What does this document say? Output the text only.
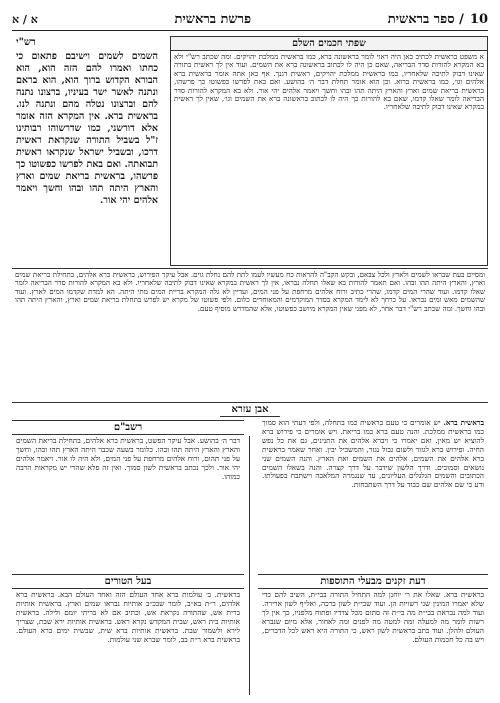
10
/ ספר בראשית
פרשת בראשית
א / א
שפתי חכמים השלם
א משפט בראשית לכתיב כאן היה ראוי לומר בראשונה ברא, כמו בראשית ממלכת יהויקים. ומה שכתב רש"י ולא בא המקרא להורות סדר הבריאה, שאם כן היה לו לכתוב בראשונה ברא את השמים. ועוד אין לך ראשית בתורה שאינו דבוק לתיבה שלאחריו, כמו בראשית ממלכת יהויקים, ראשית דגנך. אף כאן אתה אומר בראשית ברא אלהים וגו׳, כמו בראשית ברוא. וכן הוא אומר תחלת דבר ה׳ בהושע. ואם באת לפרשו כפשוטו כך פרשהו, בראשית בריאת שמים וארץ והארץ היתה תהו ובהו וחשך ויאמר אלהים יהי אור. ולא בא המקרא להורות סדר הבריאה לומר שאלו קדמו, שאם בא להורות כך היה לו לכתוב בראשונה ברא את השמים וגו׳, שאין לך ראשית במקרא שאינו דבוק לתיבה שלאחריו.
רש"י
השמים לשמים וישיבם פתאום כי כחתו ואמרו להם הזה הוא, הוא הבורא הקדוש ברוך הוא, הוא בראם ונתנה לאשר ישר בעיניו, ברצונו נתנה להם וברצונו נטלה מהם ונתנה לנו. בראשית ברא. אין המקרא הזה אומר אלא דורשני, כמו שדרשוהו רבותינו ז"ל בשביל התורה שנקראת ראשית דרכו, ובשביל ישראל שנקראו ראשית תבואתה. ואם באת לפרשו כפשוטו כך פרשהו, בראשית בריאת שמים וארץ והארץ היתה תהו ובהו וחשך ויאמר אלהים יהי אור.
ומסיים בעת שבראו לשמים ולארץ ולכל צבאם, ובקש הקב"ה להראות כח מעשיו לעמו לתת להם נחלת גוים. אבל עיקר הפירוש, בראשית ברא אלהים, בתחילת בריאת שמים וארץ, והארץ היתה תהו ובהו. ואם תאמר להורות בא שאלו תחלה נבראו, אין לך ראשית במקרא שאינו דבוק לתיבה שלאחריו. ולא בא המקרא להורות סדר הבריאה לומר שאלו קדמו. ועוד שהרי המים קדמו, שהרי כתיב ורוח אלהים מרחפת על פני המים, ועדיין לא גלה המקרא בריית המים מתי היתה. הא למדת שקדמו המים לארץ. ועוד שהשמים מאש ומים נבראו. על כרחך לא לימד המקרא בסדר המוקדמים והמאוחרים כלום. ולפי פשוטו של מקרא יש לפרש בתחלת בריאת שמים וארץ, והארץ היתה תהו ובהו וחשך. ומה שכתב רש"י דבר אחר, לא מפני שאין המקרא מיושב כפשוטו, אלא שהמדרש מוסיף טעם.
אבן עזרא
בראשית ברא. יש אומרים כי טעם בראשית כמו בתחלה, ולפי דעתי הוא סמוך כמו בראשית ממלכת. והנה טעם ברא כמו בריאת. ויש אומרים כי פירוש ברא להוציא יש מאין. ואם יאמרו כי ויברא אלהים את התנינים, גם את כל נפש החיה. ופירוש ברא לגזור ולשום גבול נגזר, והמשכיל יבין. ואחר שאמר בראשית ברא אלהים את השמים, אלהים את השמים ואת הארץ. והנה השמים שני נושאים וסמוכים. ודרך הלשון שידבר על דרך קצרה. והנה בשאלו השמים הכתובים והשמים הגלגלים העליונים, עד שנגמרה המלאכה וישתבח בפעולתו. ודע כי שם אלהים שם כבוד על דרך השתבחות.
רשב"ם
דבר ה׳ בהושע. אבל עיקר הפשט, בראשית ברא אלהים, בתחילת בריאת השמים והארץ והארץ היתה תהו ובהו. כלומר בשעה שכבר היתה הארץ תהו ובהו, וחשך על פני תהום, ורוח אלהים מרחפת על פני המים, ולא היה לו אור. ויאמר אלהים יהי אור. ולכך נכתב בראשית לשון סמוך. ואין זה פלא שהרי יש מקראות הרבה כמוהו.
דעת זקנים מבעלי התוספות
בראשית ברא. שאלו את ר׳ יוחנן למה התחיל התורה בבי״ת, השיב להם כדי שלא יאמרו המינין שני רשויות הן. ועוד שבי״ת לשון ברכה, ואל״ף לשון ארירה. ועוד למה נבראת בבי״ת מה בי״ת זה סתום מכל צדדיו ופתוח מלפניו, כך אין לך רשות לומר מה למעלה ומה למטה מה לפנים ומה לאחור, אלא מיום שנברא העולם ולהלן. ועוד כתב בראשית לשון ראש, כי התורה היא ראש לכל הדברים, ויש בה כל חכמות העולם.
בעל הטורים
בראשית. ב׳ עולמות ברא אחד העולם הזה ואחד העולם הבא. בראשית ברא אלהים, ר״ת בא״ב, לומר שבכ״ב אותיות נבראו שמים וארץ. בראשית אותיות ברית אש, שהתורה נקראת אש, וכתיב אם לא בריתי יומם ולילה. בראשית אותיות בית ראש, שבית המקדש נקרא ראש. בראשית אותיות ירא שבת, שצריך לירא ולשמור שבת. בראשית אותיות ברא שית, שבשית ימים ברא העולם. בראשית ברא ר״ת בב, לומר שברא שני עולמות.
